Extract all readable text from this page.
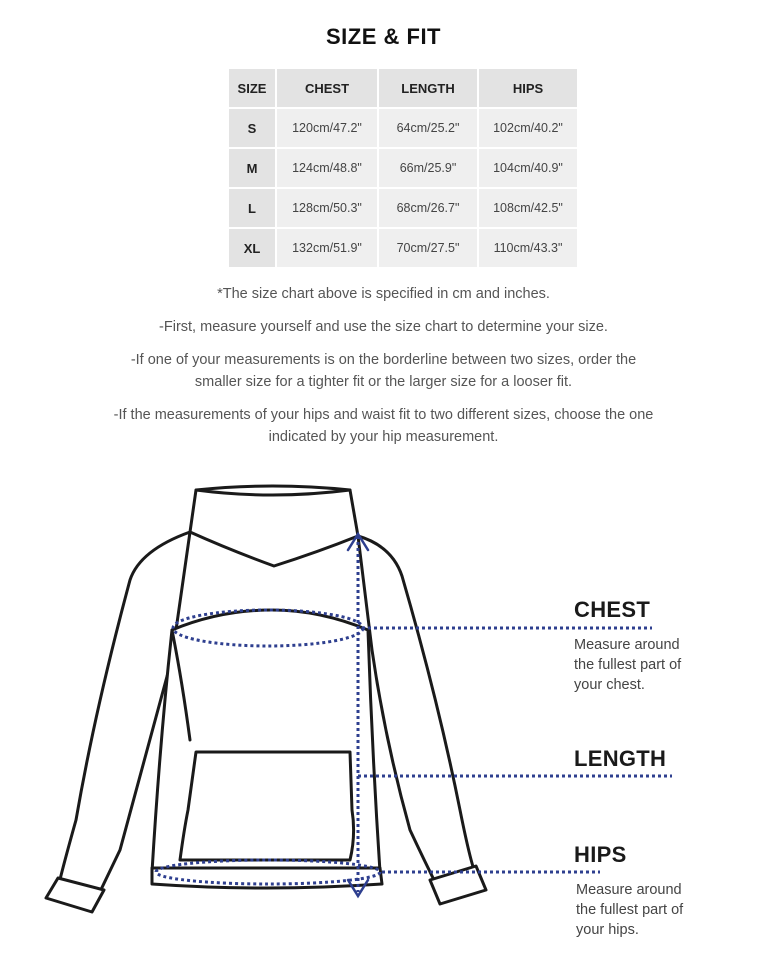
SIZE & FIT
SIZE	CHEST	LENGTH	HIPS
S	120cm/47.2"	64cm/25.2"	102cm/40.2"
M	124cm/48.8"	66m/25.9"	104cm/40.9"
L	128cm/50.3"	68cm/26.7"	108cm/42.5"
XL	132cm/51.9"	70cm/27.5"	110cm/43.3"

*The size chart above is specified in cm and inches.

-First, measure yourself and use the size chart to determine your size.

-If one of your measurements is on the borderline between two sizes, order the smaller size for a tighter fit or the larger size for a looser fit.

-If the measurements of your hips and waist fit to two different sizes, choose the one indicated by your hip measurement.

CHEST
Measure around
the fullest part of
your chest.
LENGTH
HIPS
Measure around
the fullest part of
your hips.
